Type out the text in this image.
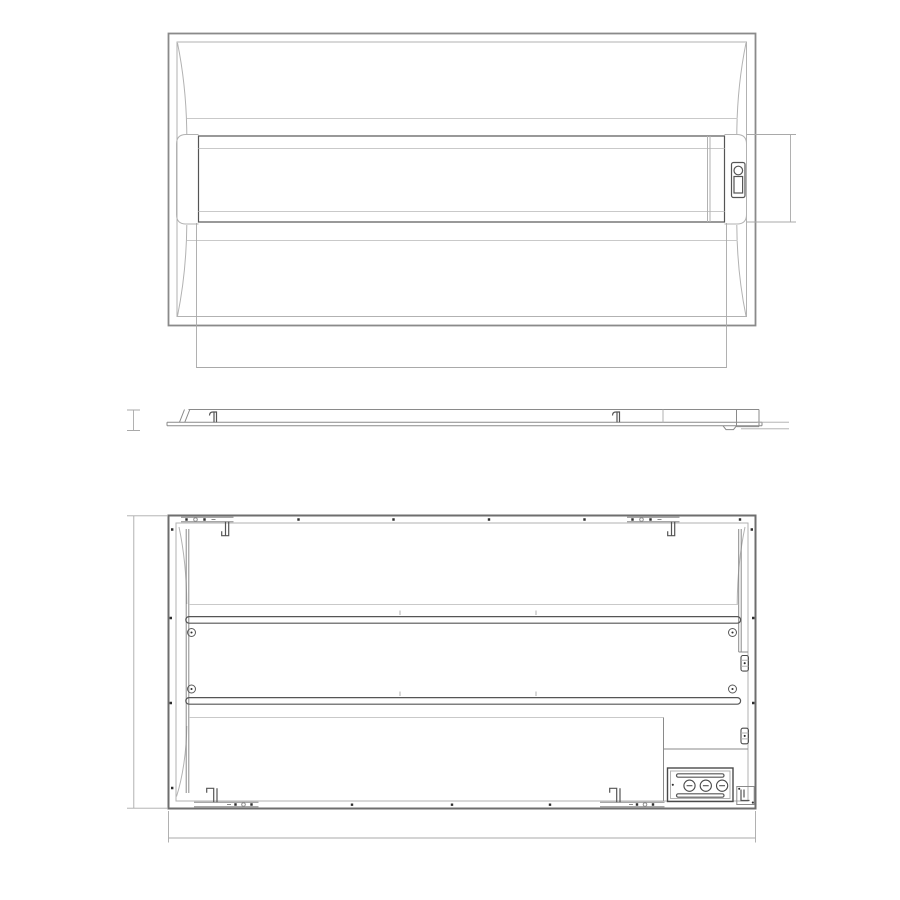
7"
42 $^{11}_{/16}$"
1 $^3_{/4}$"	$^3_{/8}$"
23 $^3_{/4}$"
47 $^3_{/4}$"
